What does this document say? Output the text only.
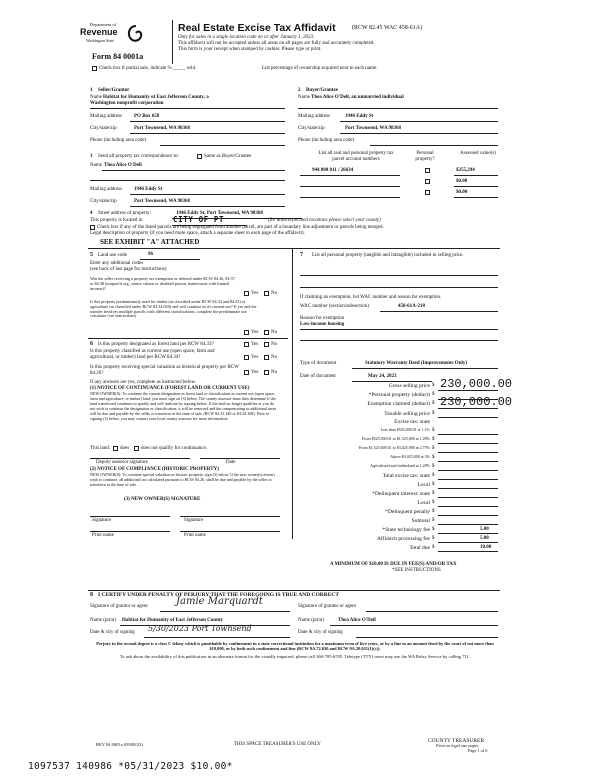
Department of
Revenue
Washington State
Form 84 0001a
Real Estate Excise Tax Affidavit	(RCW 82.45 WAC 458-61A)
Only for sales in a single location code on or after January 1, 2023.
This affidavit will not be accepted unless all areas on all pages are fully and accurately completed.
This form is your receipt when stamped by cashier. Please type or print.
Check box if partial sale, indicate % _____ sold.	List percentage of ownership acquired next to each name.
1 Seller/Grantor
Name Habitat for Humanity of East Jefferson County, a
Washington nonprofit corporation
Mailing address PO Box 658
City/state/zip	Port Townsend, WA 98368
Phone (including area code)
2 Buyer/Grantee
Name Thea Alice O'Dell, an unmarried individual
Mailing address	1946 Eddy St
City/state/zip	Port Townsend, WA 98368
Phone (including area code)
3 Send all property tax correspondence to:	Same as Buyer/Grantee
Name Thea Alice O'Dell
Mailing address 1946 Eddy St
City/state/zip	Port Townsend, WA 98368
List all real and personal property tax parcel account numbers
Personal property?
Assessed value(s)
944 800 011 / 26634	$255,294
$0.00
$0.00
4 Street address of property:	1946 Eddy St, Port Townsend, WA 98368
This property is located in	CITY OF PT	(for unincorporated locations please select your county)
Check box if any of the listed parcels are being segregated from another parcel, are part of a boundary line adjustment or parcels being merged.
Legal description of property (if you need more space, attach a separate sheet to each page of the affidavit).
SEE EXHIBIT "A" ATTACHED
5 Land use code	96
Enter any additional codes
(see back of last page for instructions)
Was the seller receiving a property tax exemption or deferral under RCW 84.36, 84.37, or 84.38 (nonprofit org., senior citizen or disabled person, homeowner with limited income)?
Yes	No
Is this property predominantly used for timber (as classified under RCW 84.34 and 84.33) or agriculture (as classified under RCW 84.34.020) and will continue in it's current use? If yes and the transfer involves multiple parcels with different classifications, complete the predominate use calculator (see instructions)
Yes	No
6 Is this property designated as forest land per RCW 84.33?	Yes	No
Is this property classified as current use (open space, farm and agricultural, or timber) land per RCW 84.34?	Yes	No
Is this property receiving special valuation as historical property per RCW 84.26?	Yes	No
If any answers are yes, complete as instructed below.
(1) NOTICE OF CONTINUANCE (FOREST LAND OR CURRENT USE)
NEW OWNER(S): To continue the current designation as forest land or classification as current use (open space, farm and agriculture, or timber) land, you must sign on (3) below. The county assessor must then determine if the land transferred continues to qualify and will indicate by signing below. If the land no longer qualifies or you do not wish to continue the designation or classification, it will be removed and the compensating or additional taxes will be due and payable by the seller or transferor at the time of sale. (RCW 84.33.140 or 84.34.108). Prior to signing (3) below, you may contact your local county assessor for more information.
This land: does does not qualify for continuance.
Deputy assessor signature	Date
(2) NOTICE OF COMPLIANCE (HISTORIC PROPERTY)
NEW OWNER(S): To continue special valuation as historic property, sign (3) below. If the new owner(s) doesn't wish to continue, all additional tax calculated pursuant to RCW 84.26, shall be due and payable by the seller or transferor at the time of sale.
(3) NEW OWNER(S) SIGNATURE
Signature	Signature
Print name	Print name
7 List all personal property (tangible and intangible) included in selling price.
If claiming an exemption, list WAC number and reason for exemption.
WAC number (section/subsection)	458-61A-218
Reason for exemption
Low-income housing
Type of document	Statutory Warranty Deed (Improvements Only)
Date of document	May 24, 2023
Gross selling price $ 230,000.00
*Personal property (deduct) $
Exemption claimed (deduct) $ 230,000.00
Taxable selling price $
Excise tax: state
Less than $525,000.01 at 1.1% $
From $525,000.01 to $1,525,000 at 1.28% $
From $1,525,000.01 to $3,025,000 at 2.75% $
Above $3,025,000 at 3% $
Agricultural and timberland at 1.28% $
Total excise tax: state $
Local $
*Delinquent interest: state $
Local $
*Delinquent penalty $
Subtotal $
*State technology fee $	5.00
Affidavit processing fee $	5.00
Total due $	10.00
A MINIMUM OF $10.00 IS DUE IN FEE(S) AND/OR TAX
*SEE INSTRUCTIONS
8 I CERTIFY UNDER PENALTY OF PERJURY THAT THE FOREGOING IS TRUE AND CORRECT
Signature of grantor or agent	Jamie Marquardt	Signature of grantee or agent
Name (print) Habitat for Humanity of East Jefferson County	Name (print)	Thea Alice O'Dell
Date & city of signing 5/30/2023 Port Townsend	Date & city of signing
Perjury in the second degree is a class C felony which is punishable by confinement in a state correctional institution for a maximum term of five years, or by a fine in an amount fixed by the court of not more than $10,000, or by both such confinement and fine (RCW 9A.72.030 and RCW 9A.20.021(1)(c)).
To ask about the availability of this publication in an alternate format for the visually impaired, please call 360-705-6705. Teletype (TTY) users may use the WA Relay Service by calling 711.
REV 84 0001a (09/08/22)	THIS SPACE TREASURER'S USE ONLY
COUNTY TREASURER
Print on legal size paper.
Page 1 of 6
1097537 140986 *05/31/2023 $10.00*
